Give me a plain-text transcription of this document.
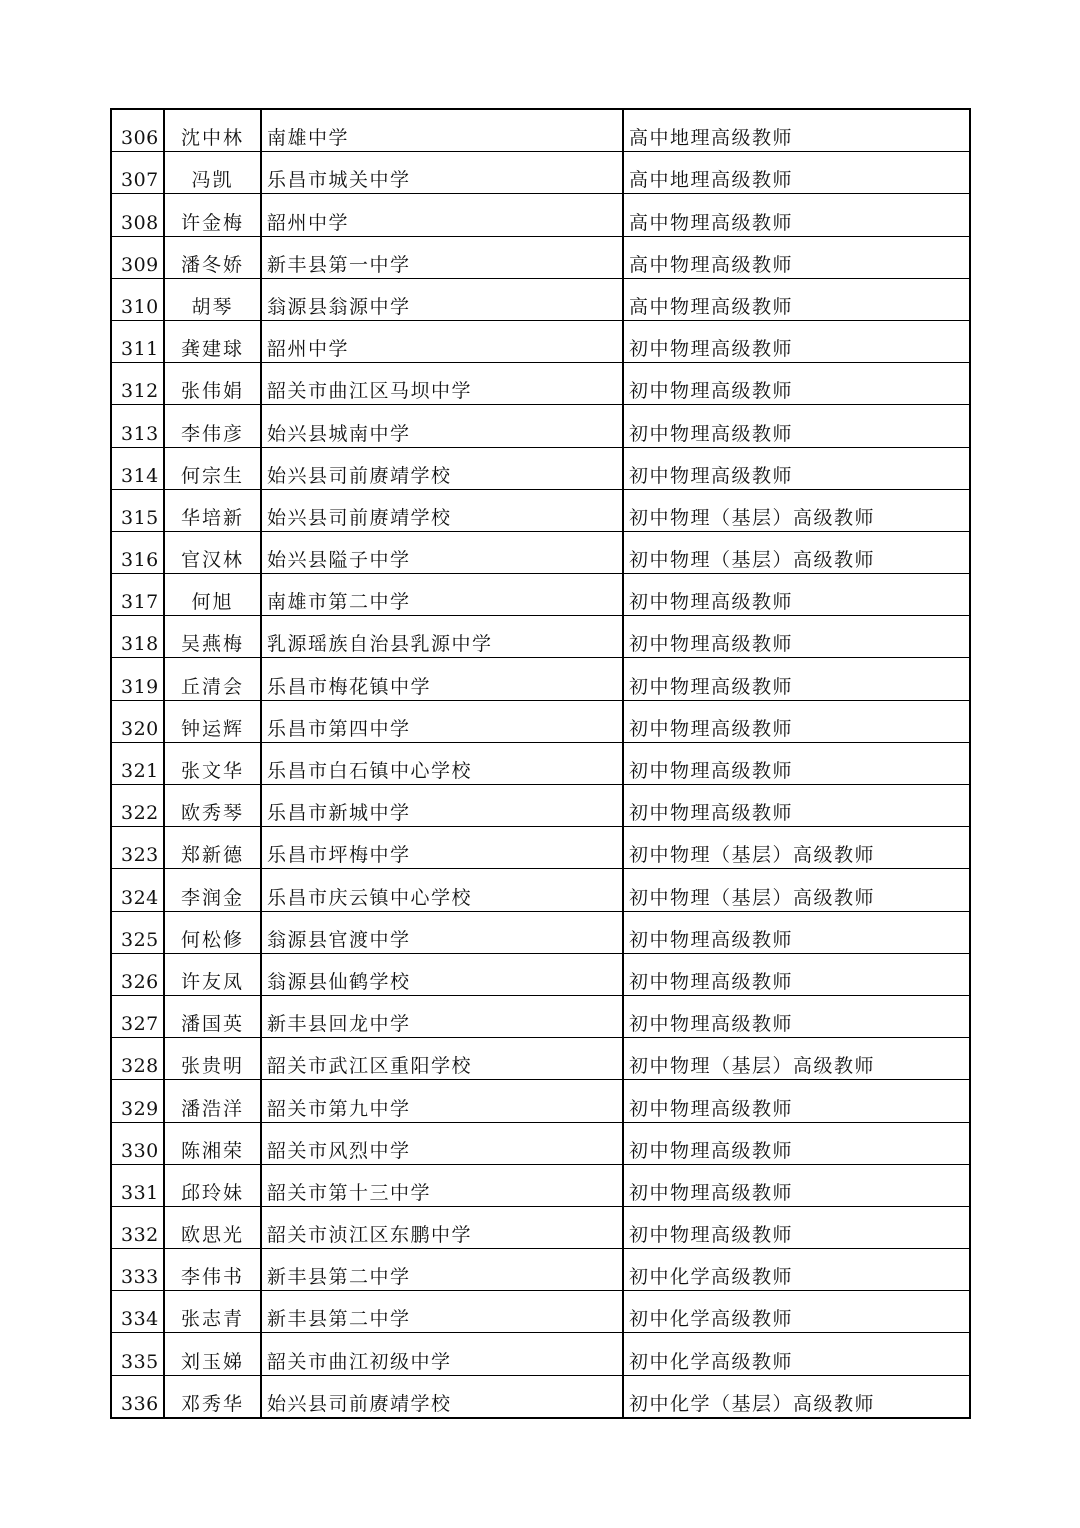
306	沈中林	南雄中学	高中地理高级教师
307	冯凯	乐昌市城关中学	高中地理高级教师
308	许金梅	韶州中学	高中物理高级教师
309	潘冬娇	新丰县第一中学	高中物理高级教师
310	胡琴	翁源县翁源中学	高中物理高级教师
311	龚建球	韶州中学	初中物理高级教师
312	张伟娟	韶关市曲江区马坝中学	初中物理高级教师
313	李伟彦	始兴县城南中学	初中物理高级教师
314	何宗生	始兴县司前赓靖学校	初中物理高级教师
315	华培新	始兴县司前赓靖学校	初中物理（基层）高级教师
316	官汉林	始兴县隘子中学	初中物理（基层）高级教师
317	何旭	南雄市第二中学	初中物理高级教师
318	吴燕梅	乳源瑶族自治县乳源中学	初中物理高级教师
319	丘清会	乐昌市梅花镇中学	初中物理高级教师
320	钟运辉	乐昌市第四中学	初中物理高级教师
321	张文华	乐昌市白石镇中心学校	初中物理高级教师
322	欧秀琴	乐昌市新城中学	初中物理高级教师
323	郑新德	乐昌市坪梅中学	初中物理（基层）高级教师
324	李润金	乐昌市庆云镇中心学校	初中物理（基层）高级教师
325	何松修	翁源县官渡中学	初中物理高级教师
326	许友凤	翁源县仙鹤学校	初中物理高级教师
327	潘国英	新丰县回龙中学	初中物理高级教师
328	张贵明	韶关市武江区重阳学校	初中物理（基层）高级教师
329	潘浩洋	韶关市第九中学	初中物理高级教师
330	陈湘荣	韶关市风烈中学	初中物理高级教师
331	邱玲妹	韶关市第十三中学	初中物理高级教师
332	欧思光	韶关市浈江区东鹏中学	初中物理高级教师
333	李伟书	新丰县第二中学	初中化学高级教师
334	张志青	新丰县第二中学	初中化学高级教师
335	刘玉娣	韶关市曲江初级中学	初中化学高级教师
336	邓秀华	始兴县司前赓靖学校	初中化学（基层）高级教师
